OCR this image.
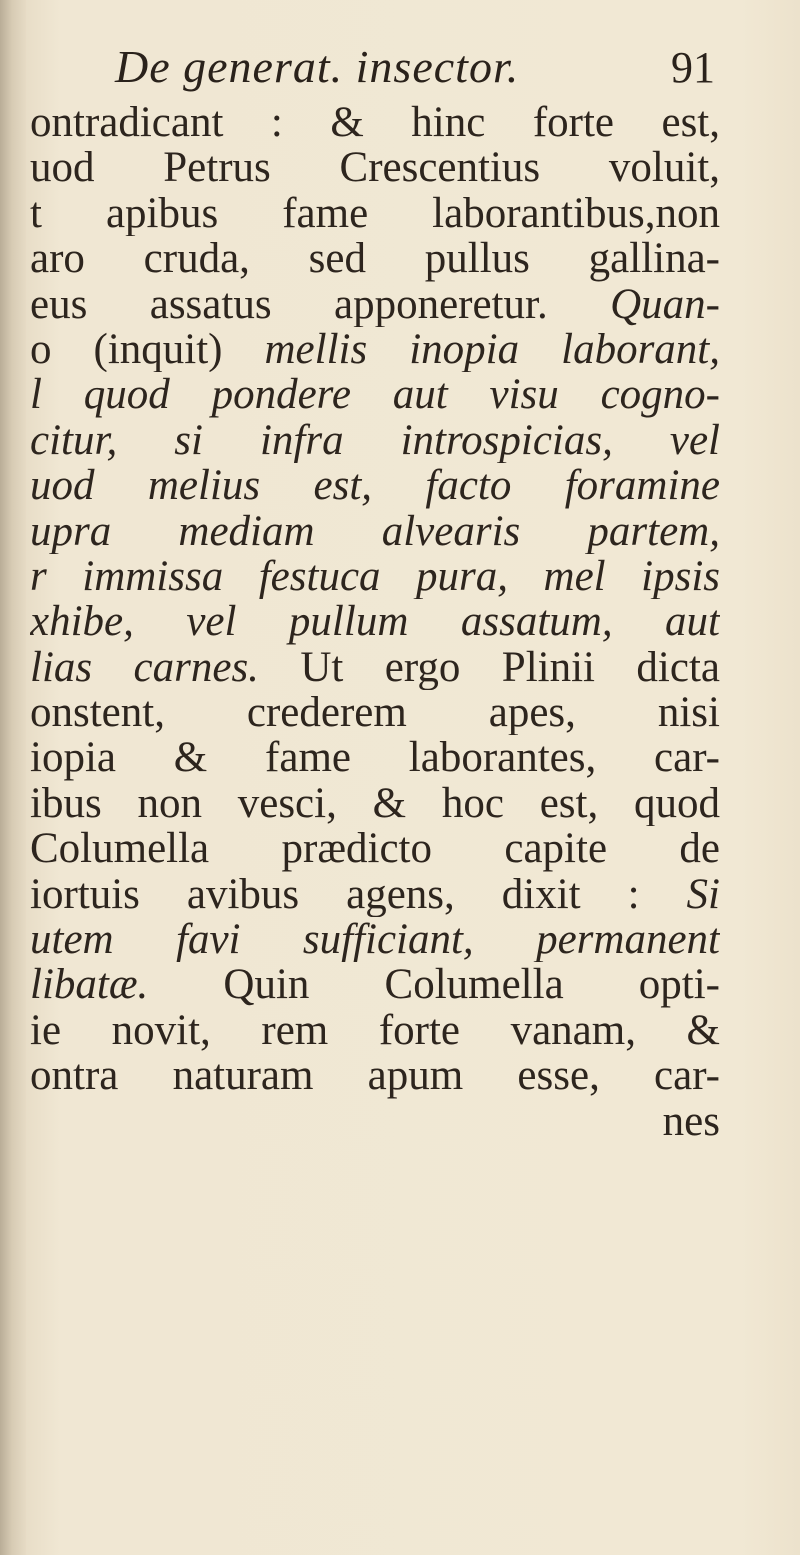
De generat. insector.	91
ontradicant : & hinc forte est,
uod Petrus Crescentius voluit,
t apibus fame laborantibus,non
aro cruda, sed pullus gallina-
eus assatus apponeretur. Quan-
o (inquit) mellis inopia laborant,
l quod pondere aut visu cogno-
citur, si infra introspicias, vel
uod melius est, facto foramine
upra mediam alvearis partem,
r immissa festuca pura, mel ipsis
xhibe, vel pullum assatum, aut
lias carnes. Ut ergo Plinii dicta
onstent, crederem apes, nisi
iopia & fame laborantes, car-
ibus non vesci, & hoc est, quod
Columella prædicto capite de
iortuis avibus agens, dixit : Si
utem favi sufficiant, permanent
libatæ. Quin Columella opti-
ie novit, rem forte vanam, &
ontra naturam apum esse, car-
nes
